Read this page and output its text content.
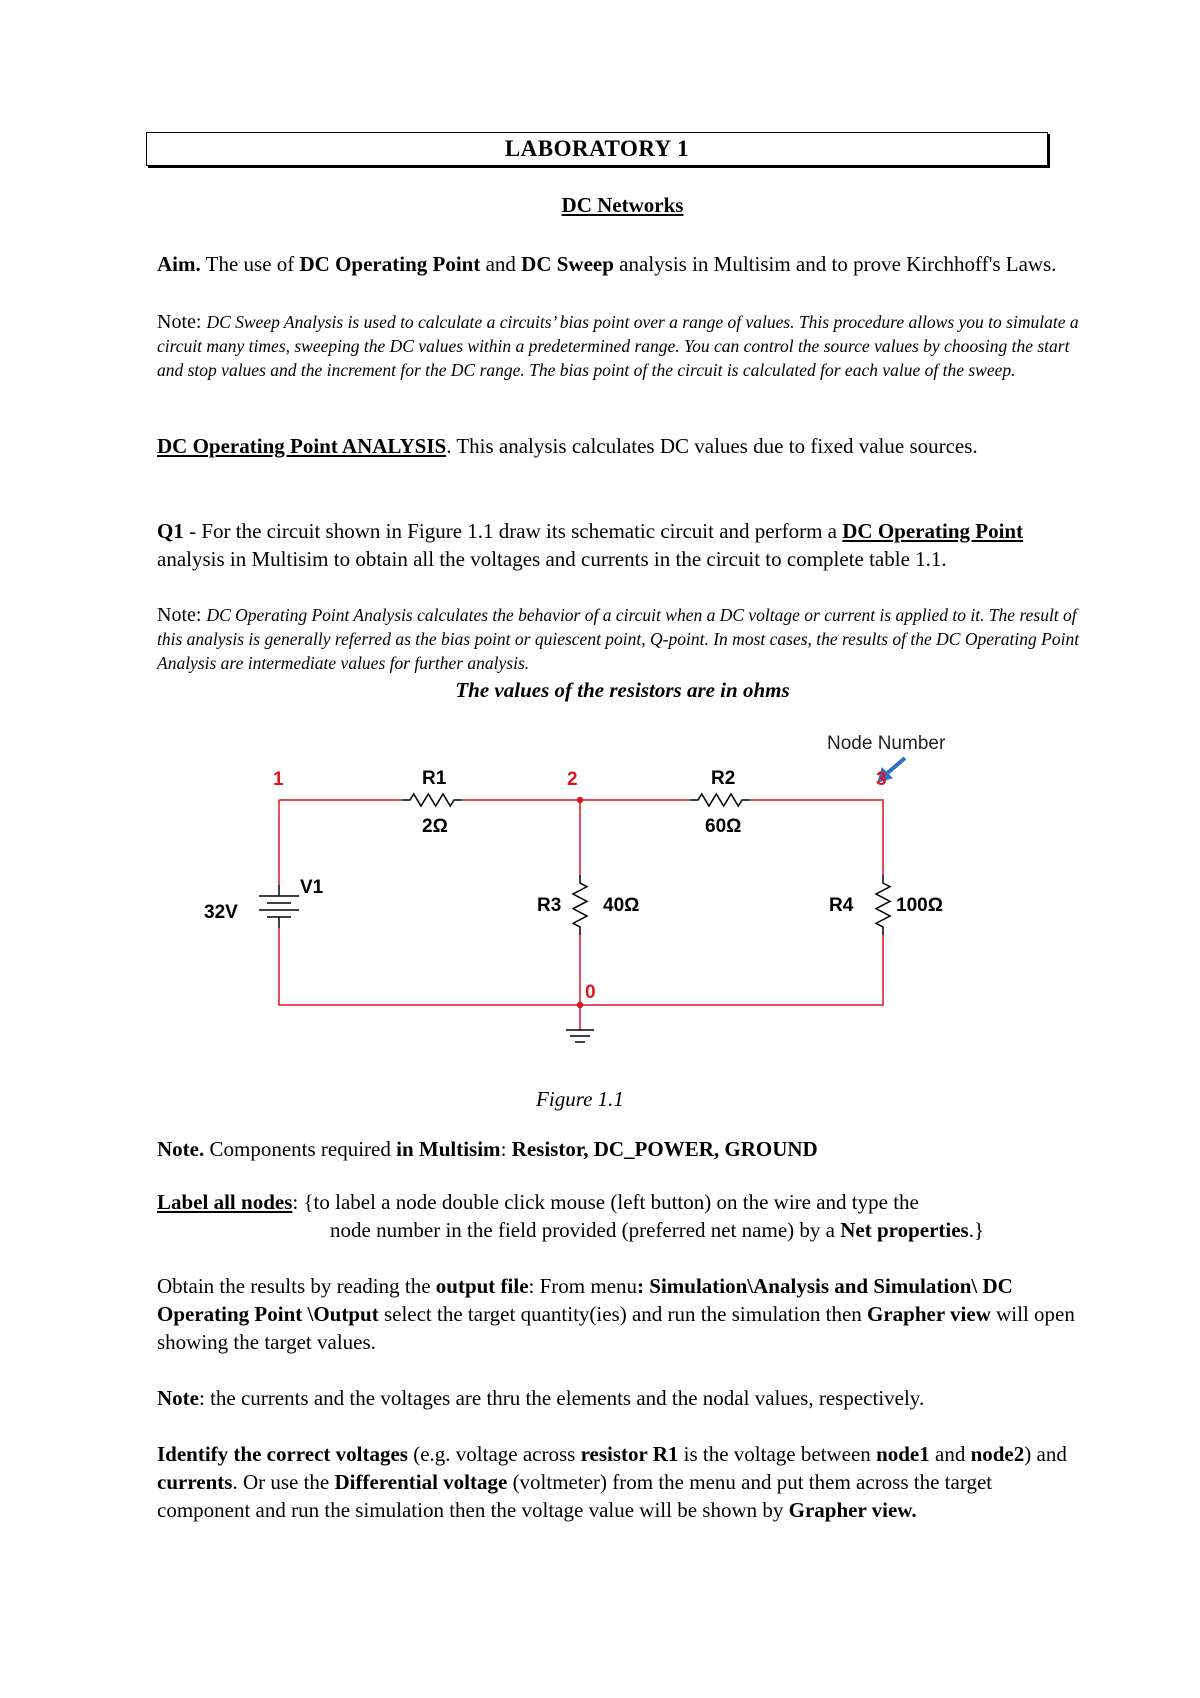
LABORATORY 1
DC Networks
Aim. The use of DC Operating Point and DC Sweep analysis in Multisim and to prove Kirchhoff's Laws.
Note: DC Sweep Analysis is used to calculate a circuits’ bias point over a range of values. This procedure allows you to simulate a circuit many times, sweeping the DC values within a predetermined range. You can control the source values by choosing the start and stop values and the increment for the DC range. The bias point of the circuit is calculated for each value of the sweep.
DC Operating Point ANALYSIS. This analysis calculates DC values due to fixed value sources.
Q1 - For the circuit shown in Figure 1.1 draw its schematic circuit and perform a DC Operating Point analysis in Multisim to obtain all the voltages and currents in the circuit to complete table 1.1.
Note: DC Operating Point Analysis calculates the behavior of a circuit when a DC voltage or current is applied to it. The result of this analysis is generally referred as the bias point or quiescent point, Q-point. In most cases, the results of the DC Operating Point Analysis are intermediate values for further analysis.
The values of the resistors are in ohms
Node Number
1	2	3
0
R1
2Ω
R2
60Ω
R3 40Ω	R4 100Ω
V1
32V
Figure 1.1
Note. Components required in Multisim: Resistor, DC_POWER, GROUND
Label all nodes: {to label a node double click mouse (left button) on the wire and type the
node number in the field provided (preferred net name) by a Net properties.}
Obtain the results by reading the output file: From menu: Simulation\Analysis and Simulation\ DC Operating Point \Output select the target quantity(ies) and run the simulation then Grapher view will open showing the target values.
Note: the currents and the voltages are thru the elements and the nodal values, respectively.
Identify the correct voltages (e.g. voltage across resistor R1 is the voltage between node1 and node2) and currents. Or use the Differential voltage (voltmeter) from the menu and put them across the target component and run the simulation then the voltage value will be shown by Grapher view.
